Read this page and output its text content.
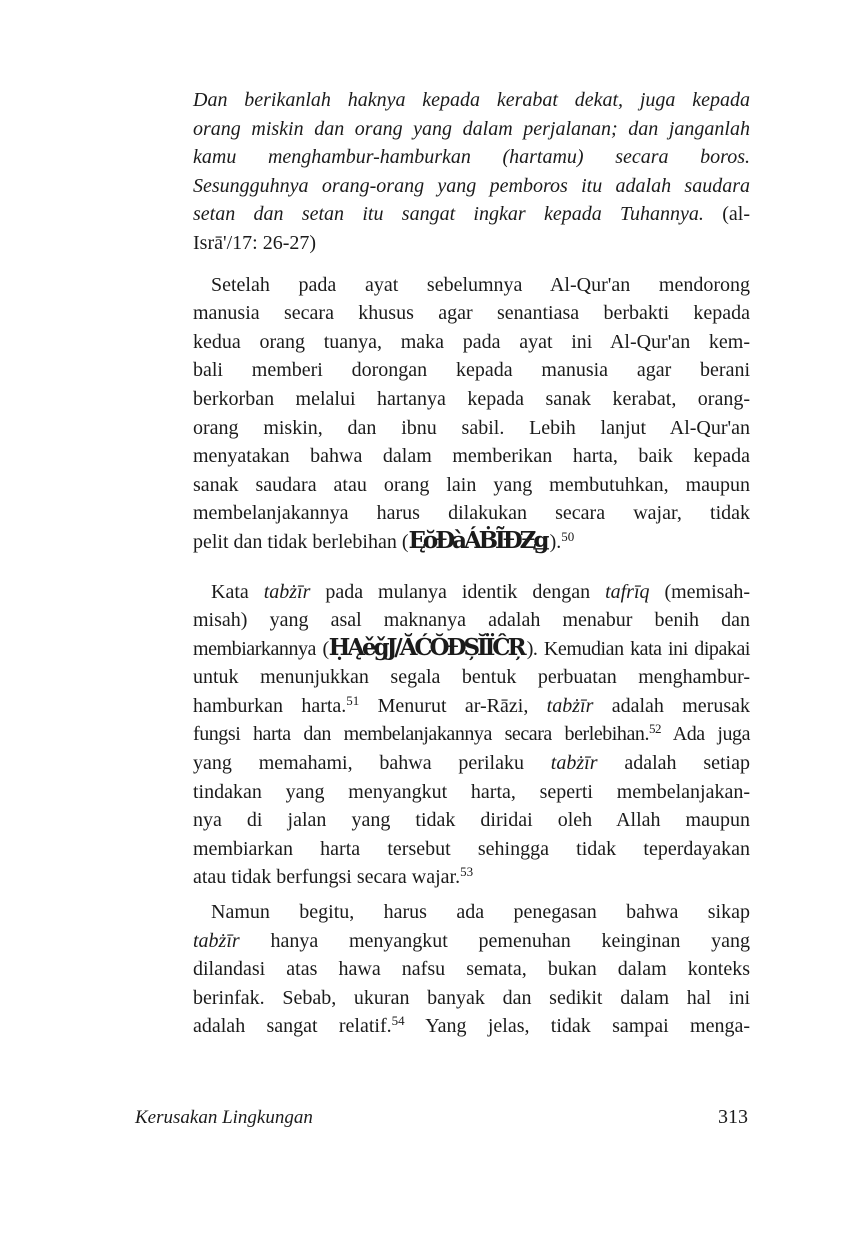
Dan berikanlah haknya kepada kerabat dekat, juga kepada
orang miskin dan orang yang dalam perjalanan; dan janganlah
kamu menghambur-hamburkan (hartamu) secara boros.
Sesungguhnya orang-orang yang pemboros itu adalah saudara
setan dan setan itu sangat ingkar kepada Tuhannya. (al-
Isrā'/17: 26-27)
Setelah pada ayat sebelumnya Al-Qur'an mendorong
manusia secara khusus agar senantiasa berbakti kepada
kedua orang tuanya, maka pada ayat ini Al-Qur'an kem-
bali memberi dorongan kepada manusia agar berani
berkorban melalui hartanya kepada sanak kerabat, orang-
orang miskin, dan ibnu sabil. Lebih lanjut Al-Qur'an
menyatakan bahwa dalam memberikan harta, baik kepada
sanak saudara atau orang lain yang membutuhkan, maupun
membelanjakannya harus dilakukan secara wajar, tidak
pelit dan tidak berlebihan (ĘŏÐàÁḂĨĐƵǥ ).50
Kata tabżīr pada mulanya identik dengan tafrīq (memisah-
misah) yang asal maknanya adalah menabur benih dan
membiarkannya (ḤĄěǧJ/ĂĆŎĐȘĬÏĈŖ ). Kemudian kata ini dipakai
untuk menunjukkan segala bentuk perbuatan menghambur-
hamburkan harta.51 Menurut ar-Rāzi, tabżīr adalah merusak
fungsi harta dan membelanjakannya secara berlebihan.52 Ada juga
yang memahami, bahwa perilaku tabżīr adalah setiap
tindakan yang menyangkut harta, seperti membelanjakan-
nya di jalan yang tidak diridai oleh Allah maupun
membiarkan harta tersebut sehingga tidak teperdayakan
atau tidak berfungsi secara wajar.53
Namun begitu, harus ada penegasan bahwa sikap
tabżīr hanya menyangkut pemenuhan keinginan yang
dilandasi atas hawa nafsu semata, bukan dalam konteks
berinfak. Sebab, ukuran banyak dan sedikit dalam hal ini
adalah sangat relatif.54 Yang jelas, tidak sampai menga-
Kerusakan Lingkungan	313
